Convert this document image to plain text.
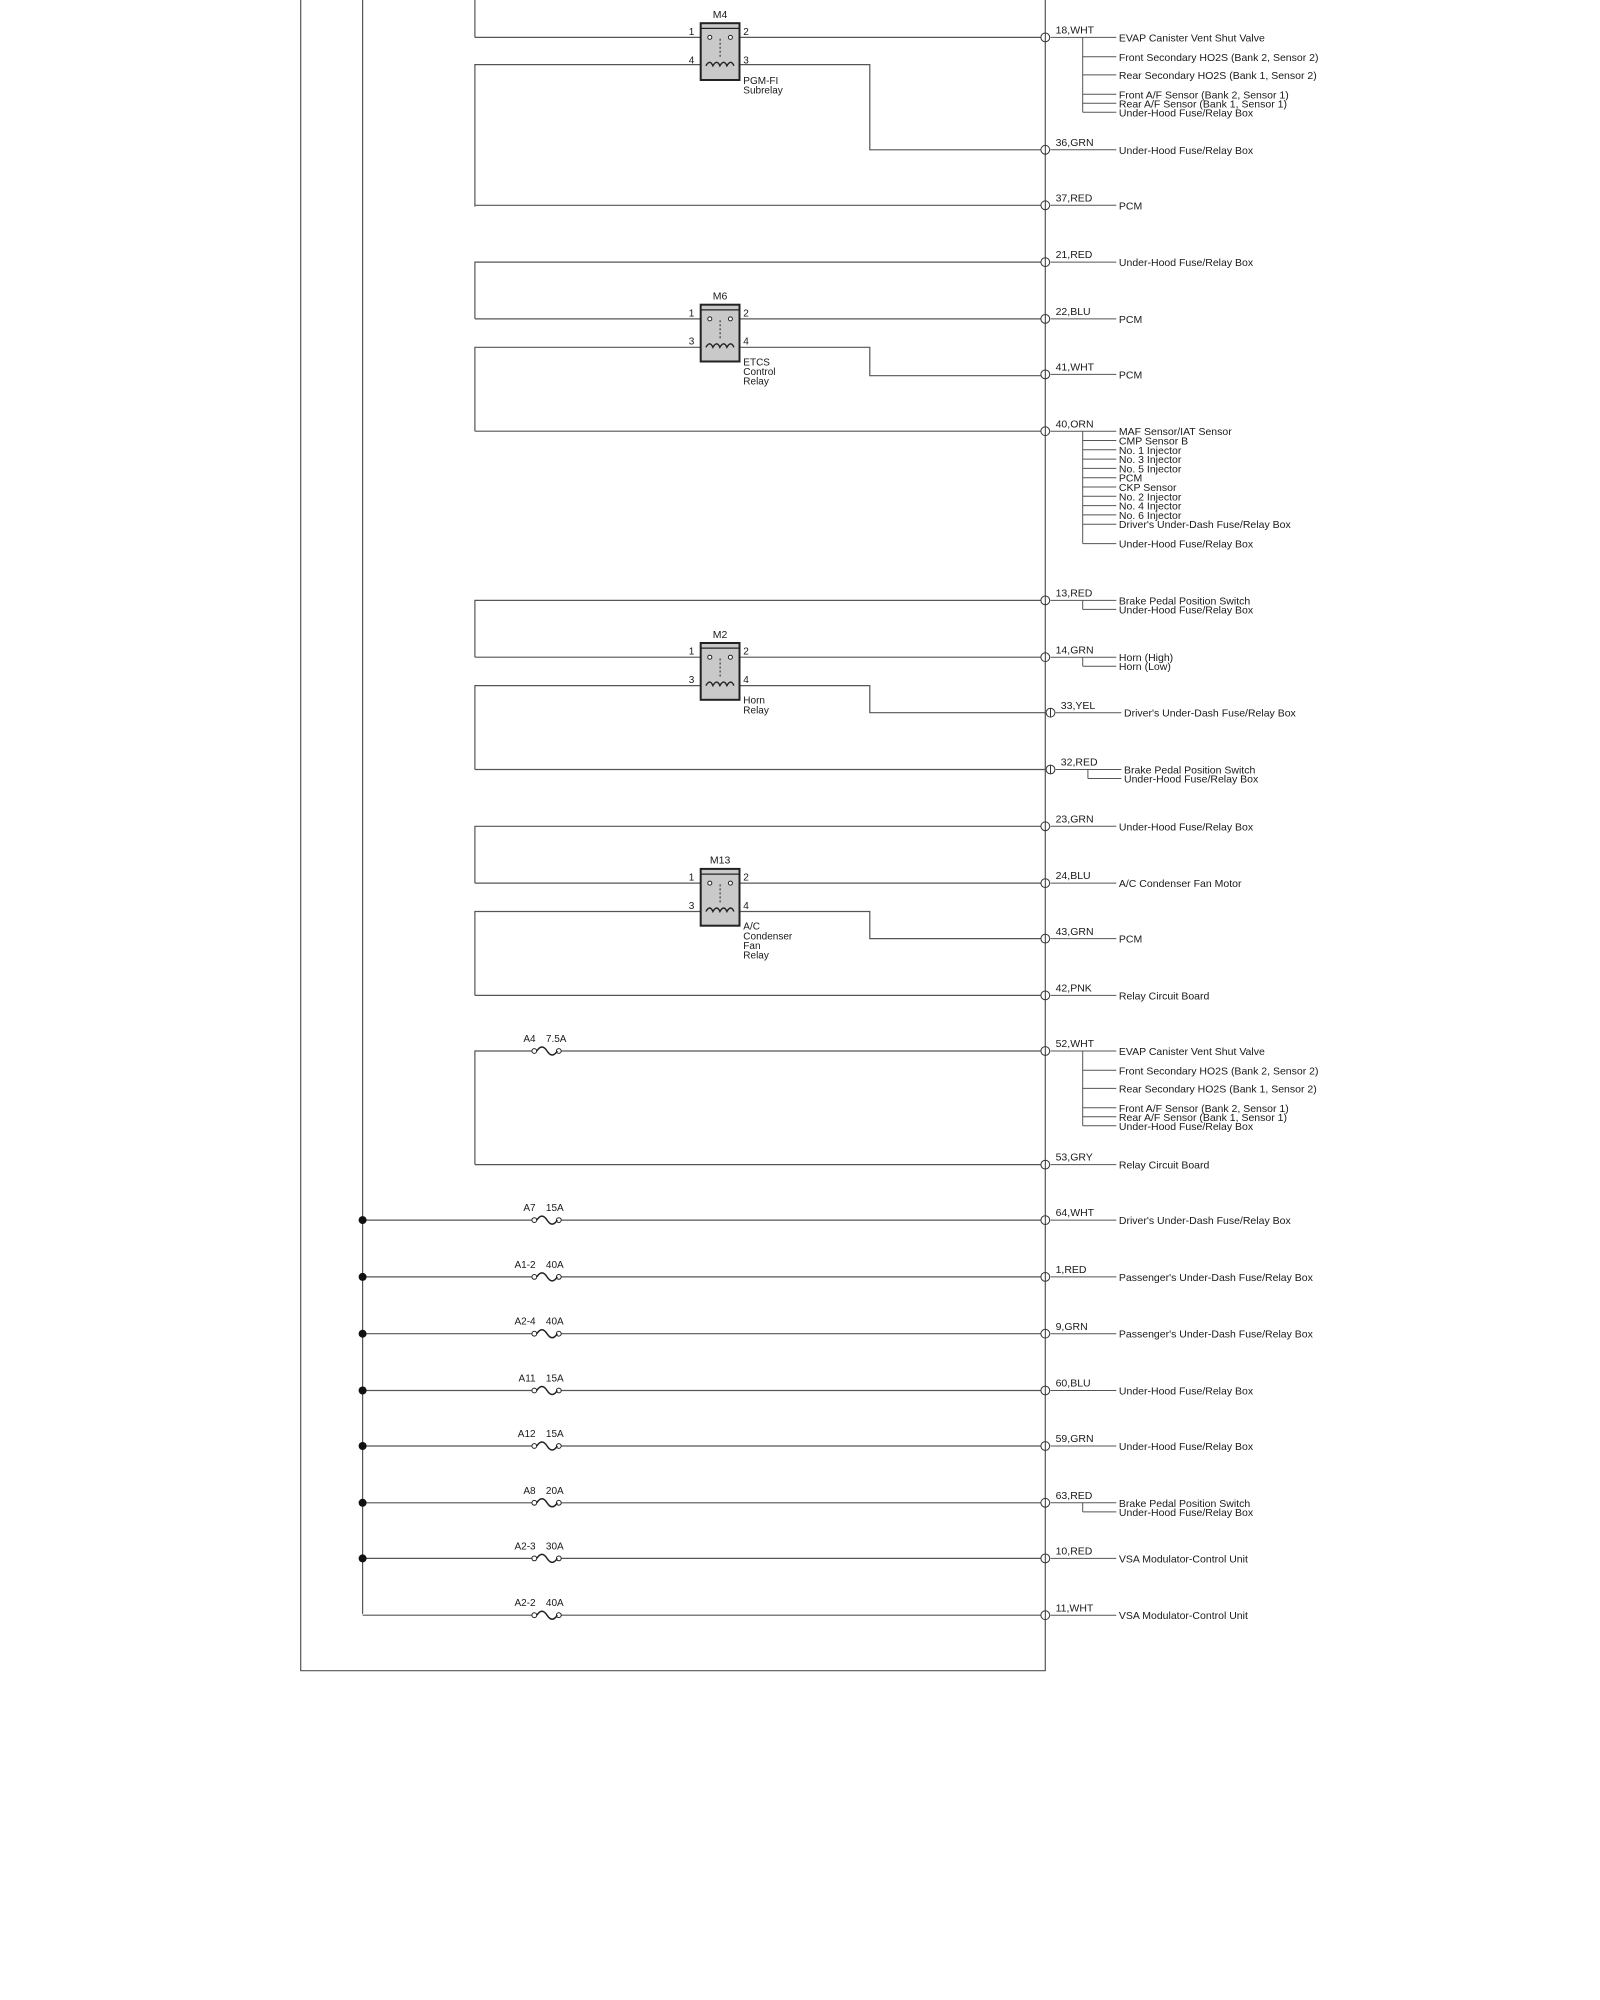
M4
1	2
4	3
PGM-FI
Subrelay
M6
1	2
3	4
ETCS
Control
Relay
M2
1	2
3	4
Horn
Relay
M13
1	2
3	4
A/C
Condenser
Fan
Relay
A4 7.5A
A7 15A
A1-2 40A
A2-4 40A
A11 15A
A12 15A
A8 20A
A2-3 30A
A2-2 40A
18,WHT
EVAP Canister Vent Shut Valve
Front Secondary HO2S (Bank 2, Sensor 2)
Rear Secondary HO2S (Bank 1, Sensor 2)
Front A/F Sensor (Bank 2, Sensor 1)
Rear A/F Sensor (Bank 1, Sensor 1)
Under-Hood Fuse/Relay Box
36,GRN
Under-Hood Fuse/Relay Box
37,RED
PCM
21,RED
Under-Hood Fuse/Relay Box
22,BLU
PCM
41,WHT
PCM
40,ORN
MAF Sensor/IAT Sensor
CMP Sensor B
No. 1 Injector
No. 3 Injector
No. 5 Injector
PCM
CKP Sensor
No. 2 Injector
No. 4 Injector
No. 6 Injector
Driver's Under-Dash Fuse/Relay Box
Under-Hood Fuse/Relay Box
13,RED
Brake Pedal Position Switch
Under-Hood Fuse/Relay Box
14,GRN
Horn (High)
Horn (Low)
33,YEL
Driver's Under-Dash Fuse/Relay Box
32,RED
Brake Pedal Position Switch
Under-Hood Fuse/Relay Box
23,GRN
Under-Hood Fuse/Relay Box
24,BLU
A/C Condenser Fan Motor
43,GRN
PCM
42,PNK
Relay Circuit Board
52,WHT
EVAP Canister Vent Shut Valve
Front Secondary HO2S (Bank 2, Sensor 2)
Rear Secondary HO2S (Bank 1, Sensor 2)
Front A/F Sensor (Bank 2, Sensor 1)
Rear A/F Sensor (Bank 1, Sensor 1)
Under-Hood Fuse/Relay Box
53,GRY
Relay Circuit Board
64,WHT
Driver's Under-Dash Fuse/Relay Box
1,RED
Passenger's Under-Dash Fuse/Relay Box
9,GRN
Passenger's Under-Dash Fuse/Relay Box
60,BLU
Under-Hood Fuse/Relay Box
59,GRN
Under-Hood Fuse/Relay Box
63,RED
Brake Pedal Position Switch
Under-Hood Fuse/Relay Box
10,RED
VSA Modulator-Control Unit
11,WHT
VSA Modulator-Control Unit
